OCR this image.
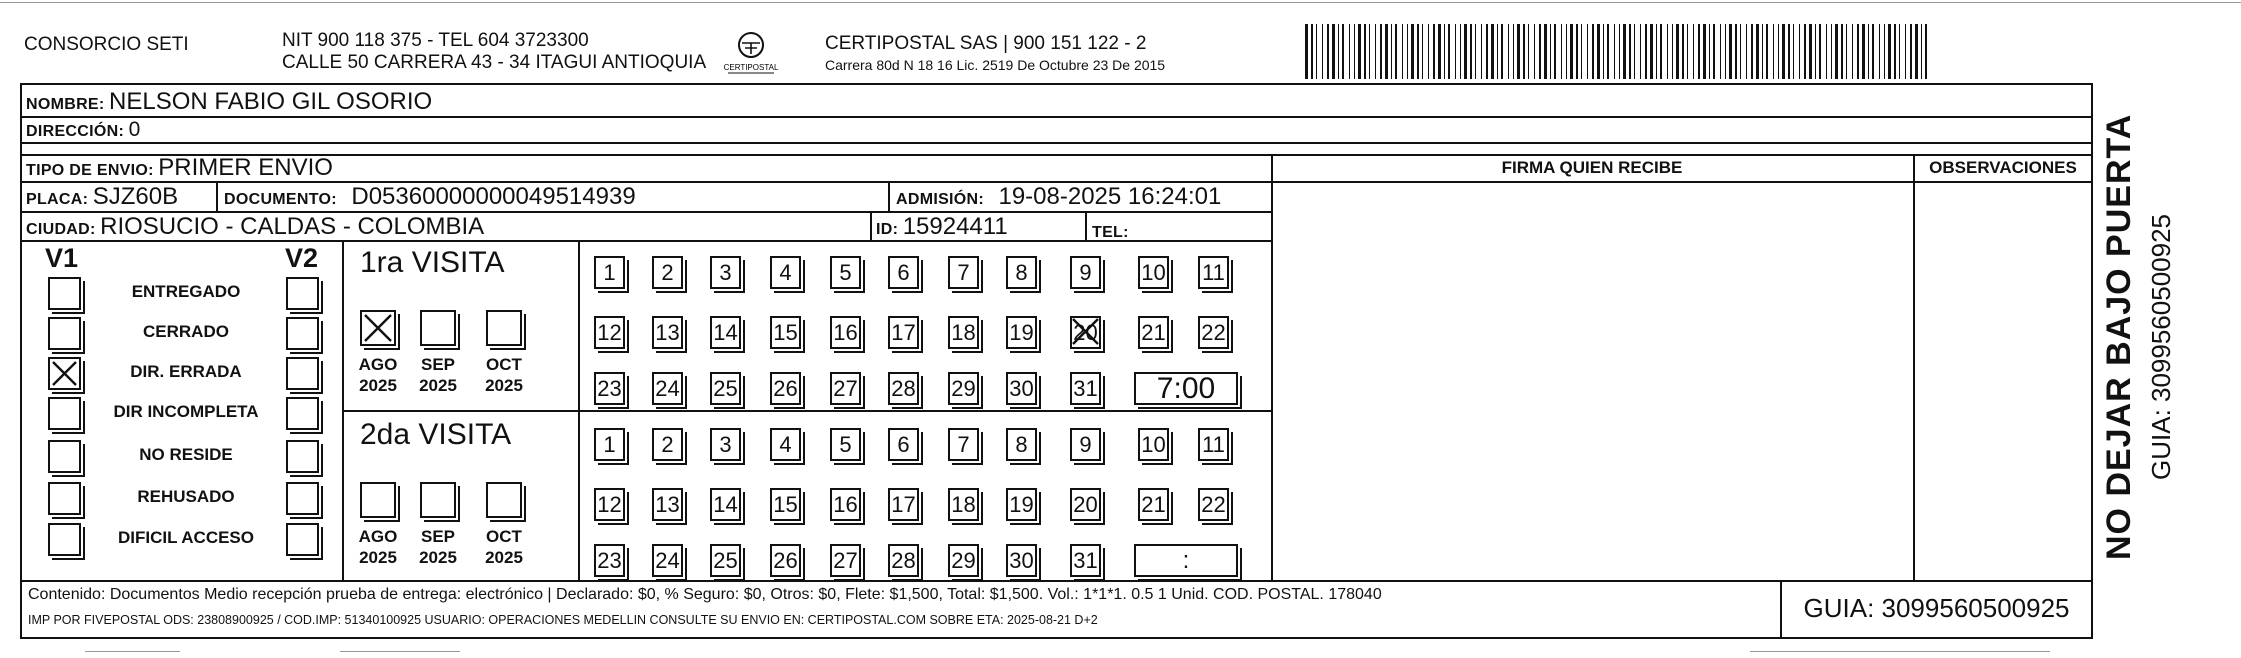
CONSORCIO SETI	NIT 900 118 375 - TEL 604 3723300
CALLE 50 CARRERA 43 - 34 ITAGUI ANTIOQUIA CERTIPOSTAL
CERTIPOSTAL SAS | 900 151 122 - 2
Carrera 80d N 18 16 Lic. 2519 De Octubre 23 De 2015
NOMBRE: NELSON FABIO GIL OSORIO
DIRECCIÓN: 0
TIPO DE ENVIO: PRIMER ENVIO	FIRMA QUIEN RECIBE	OBSERVACIONES
PLACA: SJZ60B	DOCUMENTO: D05360000000049514939	ADMISIÓN: 19-08-2025 16:24:01
CIUDAD: RIOSUCIO - CALDAS - COLOMBIA	ID: 15924411	TEL:
V1	V2
ENTREGADO
CERRADO
DIR. ERRADA
DIR INCOMPLETA
NO RESIDE
REHUSADO
DIFICIL ACCESO
1ra VISITA
AGO
2025
SEP
2025
OCT
2025
1	2	3	4	5	6	7	8	9	10 11
12 13 14 15 16 17 18 19 20 21 22
23 24 25 26 27 28 29 30 31	7:00
2da VISITA
AGO
2025
SEP
2025
OCT
2025
1	2	3	4	5	6	7	8	9	10 11
12 13 14 15 16 17 18 19 20 21 22
23 24 25 26 27 28 29 30 31	:
Contenido: Documentos Medio recepción prueba de entrega: electrónico | Declarado: $0, % Seguro: $0, Otros: $0, Flete: $1,500, Total: $1,500. Vol.: 1*1*1. 0.5 1 Unid. COD. POSTAL. 178040
IMP POR FIVEPOSTAL ODS: 23808900925 / COD.IMP: 51340100925 USUARIO: OPERACIONES MEDELLIN CONSULTE SU ENVIO EN: CERTIPOSTAL.COM SOBRE ETA: 2025-08-21 D+2	GUIA: 3099560500925
NO DEJAR BAJO PUERTA GUIA: 3099560500925
